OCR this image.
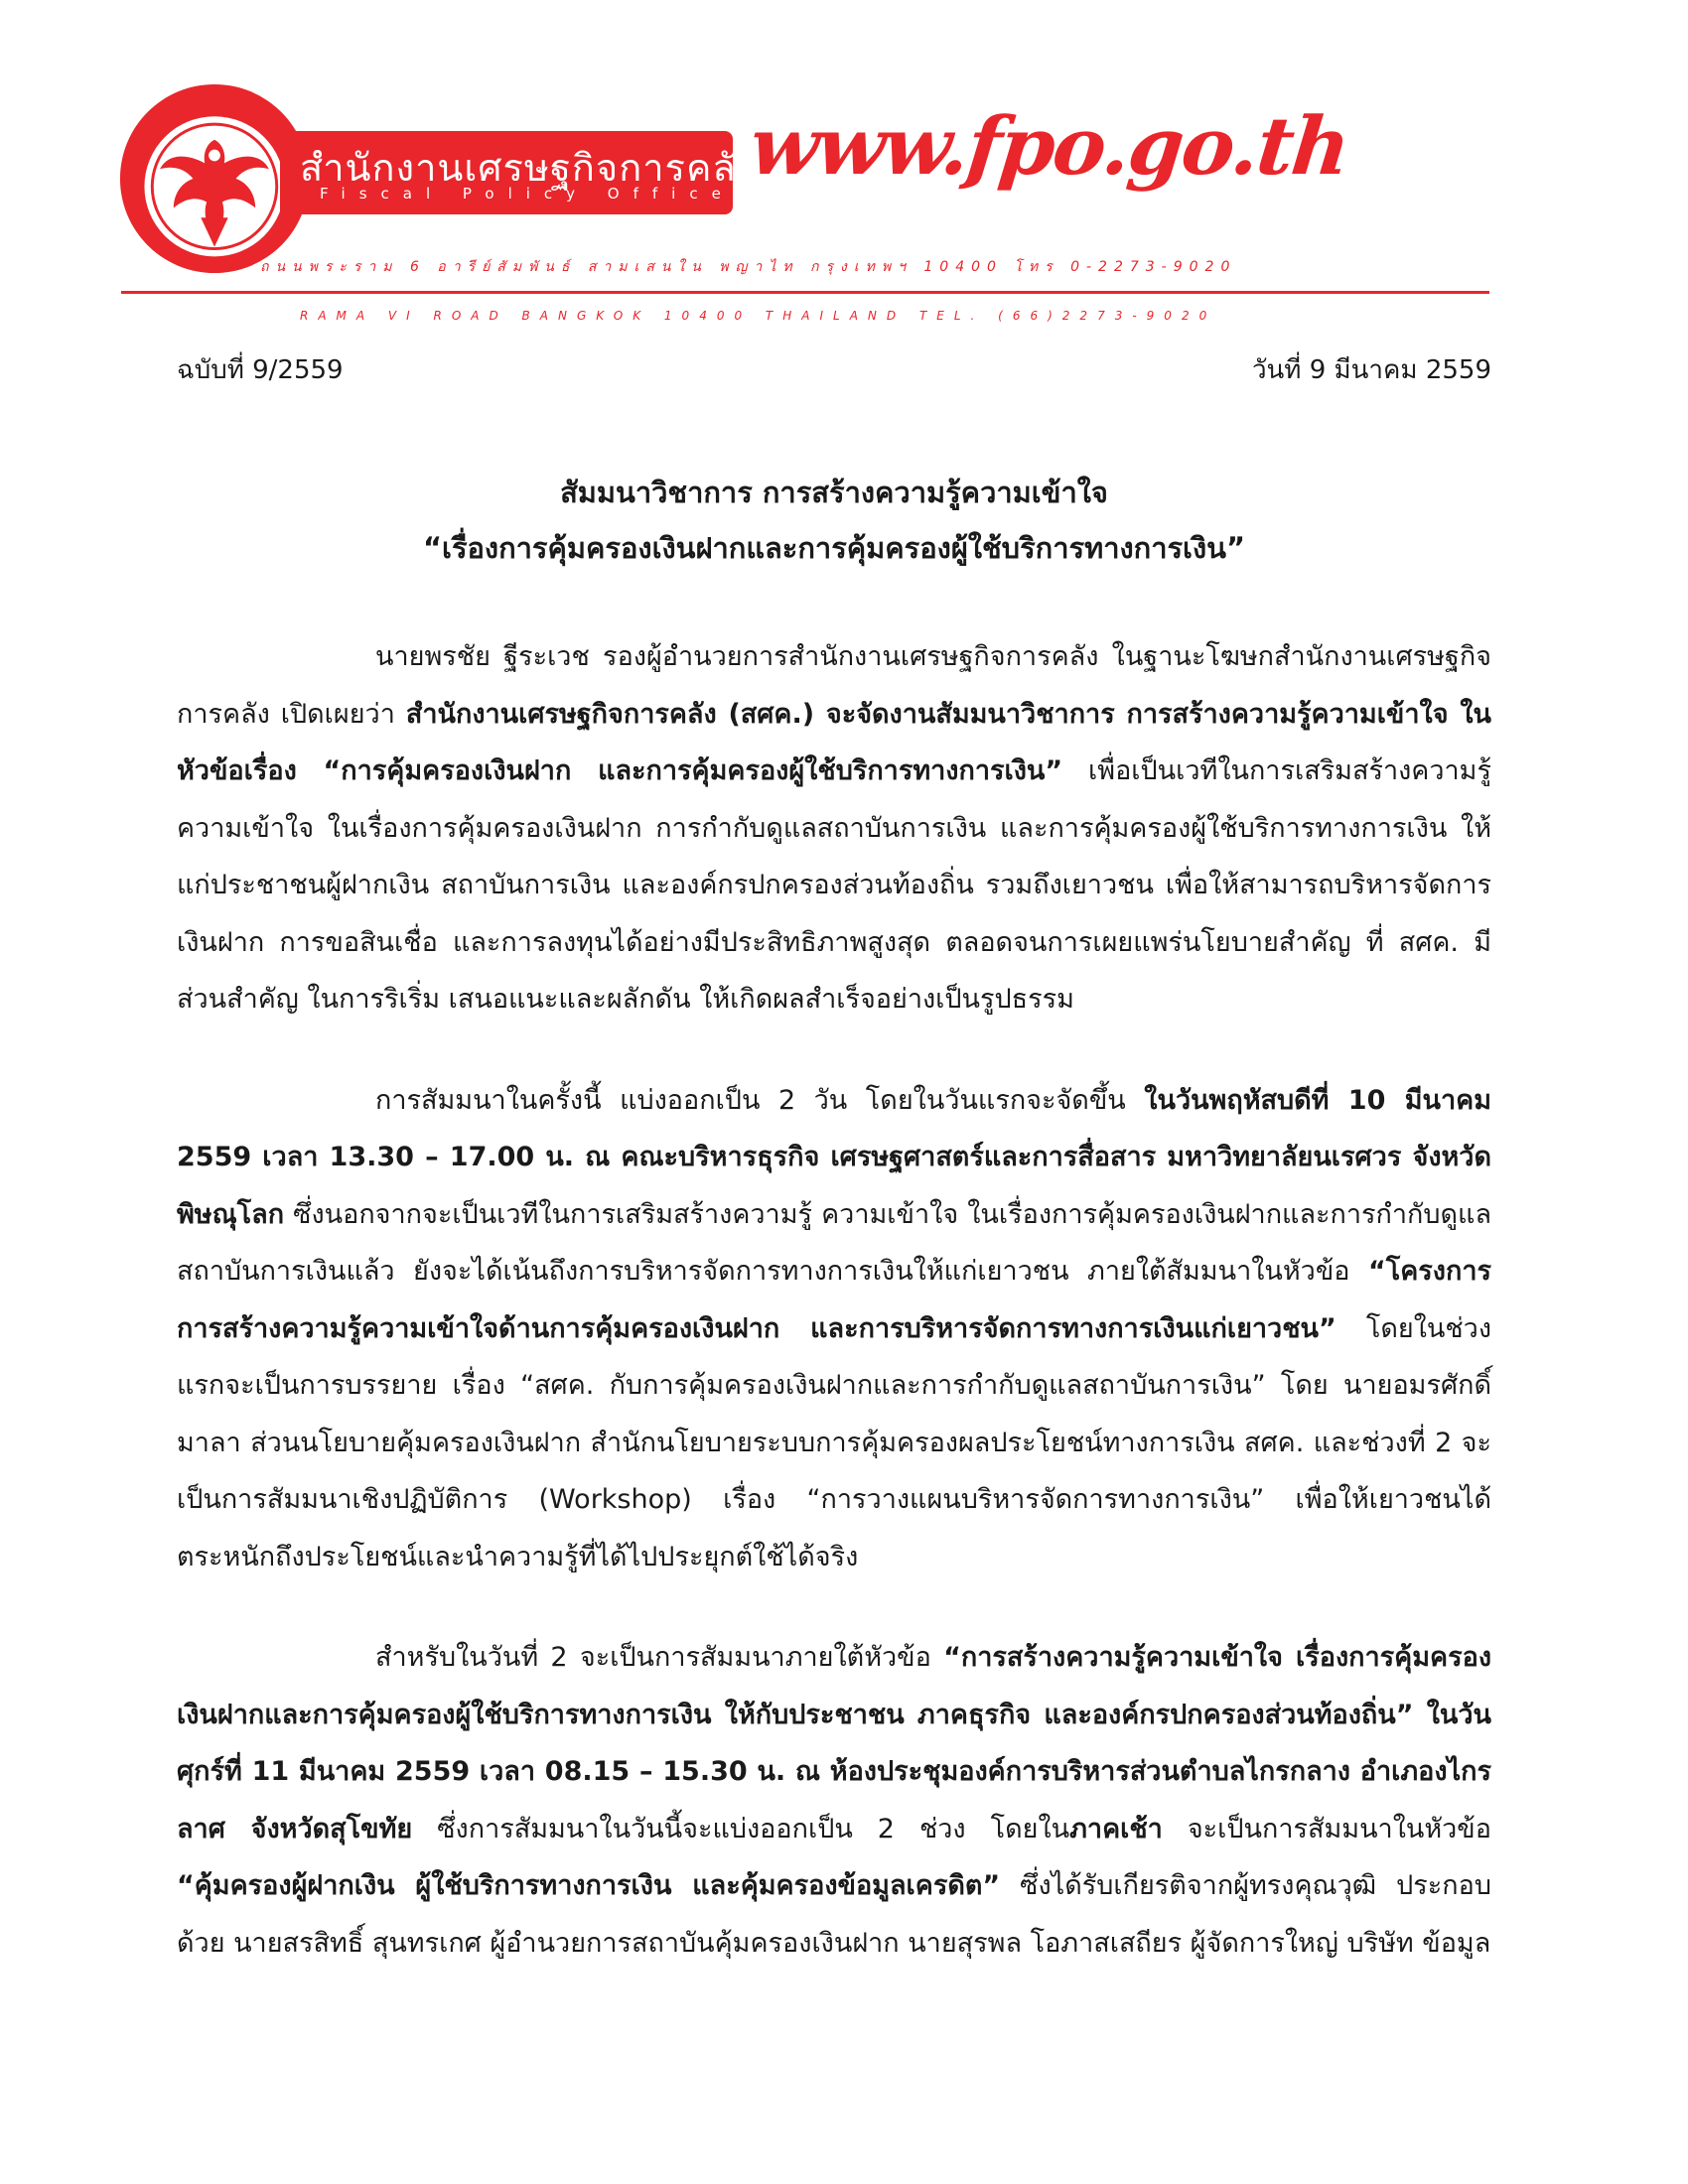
สำนักงานเศรษฐกิจการคลัง
Fiscal Policy Office
www.fpo.go.th
ถนนพระราม 6 อารีย์สัมพันธ์ สามเสนใน พญาไท กรุงเทพฯ 10400 โทร 0-2273-9020
RAMA VI ROAD BANGKOK 10400 THAILAND TEL. (66)2273-9020
ฉบับที่ 9/2559	วันที่ 9 มีนาคม 2559
สัมมนาวิชาการ การสร้างความรู้ความเข้าใจ
“เรื่องการคุ้มครองเงินฝากและการคุ้มครองผู้ใช้บริการทางการเงิน”

นายพรชัย ฐีระเวช รองผู้อำนวยการสำนักงานเศรษฐกิจการคลัง ในฐานะโฆษกสำนักงานเศรษฐกิจการคลัง เปิดเผยว่า สำนักงานเศรษฐกิจการคลัง (สศค.) จะจัดงานสัมมนาวิชาการ การสร้างความรู้ความเข้าใจ ในหัวข้อเรื่อง “การคุ้มครองเงินฝาก และการคุ้มครองผู้ใช้บริการทางการเงิน” เพื่อเป็นเวทีในการเสริมสร้างความรู้ ความเข้าใจ ในเรื่องการคุ้มครองเงินฝาก การกำกับดูแลสถาบันการเงิน และการคุ้มครองผู้ใช้บริการทางการเงิน ให้แก่ประชาชนผู้ฝากเงิน สถาบันการเงิน และองค์กรปกครองส่วนท้องถิ่น รวมถึงเยาวชน เพื่อให้สามารถบริหารจัดการเงินฝาก การขอสินเชื่อ และการลงทุนได้อย่างมีประสิทธิภาพสูงสุด ตลอดจนการเผยแพร่นโยบายสำคัญ ที่ สศค. มีส่วนสำคัญ ในการริเริ่ม เสนอแนะและผลักดัน ให้เกิดผลสำเร็จอย่างเป็นรูปธรรม

การสัมมนาในครั้งนี้ แบ่งออกเป็น 2 วัน โดยในวันแรกจะจัดขึ้น ในวันพฤหัสบดีที่ 10 มีนาคม 2559 เวลา 13.30 – 17.00 น. ณ คณะบริหารธุรกิจ เศรษฐศาสตร์และการสื่อสาร มหาวิทยาลัยนเรศวร จังหวัดพิษณุโลก ซึ่งนอกจากจะเป็นเวทีในการเสริมสร้างความรู้ ความเข้าใจ ในเรื่องการคุ้มครองเงินฝากและการกำกับดูแลสถาบันการเงินแล้ว ยังจะได้เน้นถึงการบริหารจัดการทางการเงินให้แก่เยาวชน ภายใต้สัมมนาในหัวข้อ “โครงการการสร้างความรู้ความเข้าใจด้านการคุ้มครองเงินฝาก และการบริหารจัดการทางการเงินแก่เยาวชน” โดยในช่วงแรกจะเป็นการบรรยาย เรื่อง “สศค. กับการคุ้มครองเงินฝากและการกำกับดูแลสถาบันการเงิน” โดย นายอมรศักดิ์ มาลา ส่วนนโยบายคุ้มครองเงินฝาก สำนักนโยบายระบบการคุ้มครองผลประโยชน์ทางการเงิน สศค. และช่วงที่ 2 จะเป็นการสัมมนาเชิงปฏิบัติการ (Workshop) เรื่อง “การวางแผนบริหารจัดการทางการเงิน” เพื่อให้เยาวชนได้ตระหนักถึงประโยชน์และนำความรู้ที่ได้ไปประยุกต์ใช้ได้จริง

สำหรับในวันที่ 2 จะเป็นการสัมมนาภายใต้หัวข้อ “การสร้างความรู้ความเข้าใจ เรื่องการคุ้มครองเงินฝากและการคุ้มครองผู้ใช้บริการทางการเงิน ให้กับประชาชน ภาคธุรกิจ และองค์กรปกครองส่วนท้องถิ่น” ในวันศุกร์ที่ 11 มีนาคม 2559 เวลา 08.15 – 15.30 น. ณ ห้องประชุมองค์การบริหารส่วนตำบลไกรกลาง อำเภองไกรลาศ จังหวัดสุโขทัย ซึ่งการสัมมนาในวันนี้จะแบ่งออกเป็น 2 ช่วง โดยในภาคเช้า จะเป็นการสัมมนาในหัวข้อ “คุ้มครองผู้ฝากเงิน ผู้ใช้บริการทางการเงิน และคุ้มครองข้อมูลเครดิต” ซึ่งได้รับเกียรติจากผู้ทรงคุณวุฒิ ประกอบด้วย นายสรสิทธิ์ สุนทรเกศ ผู้อำนวยการสถาบันคุ้มครองเงินฝาก นายสุรพล โอภาสเสถียร ผู้จัดการใหญ่ บริษัท ข้อมูล
